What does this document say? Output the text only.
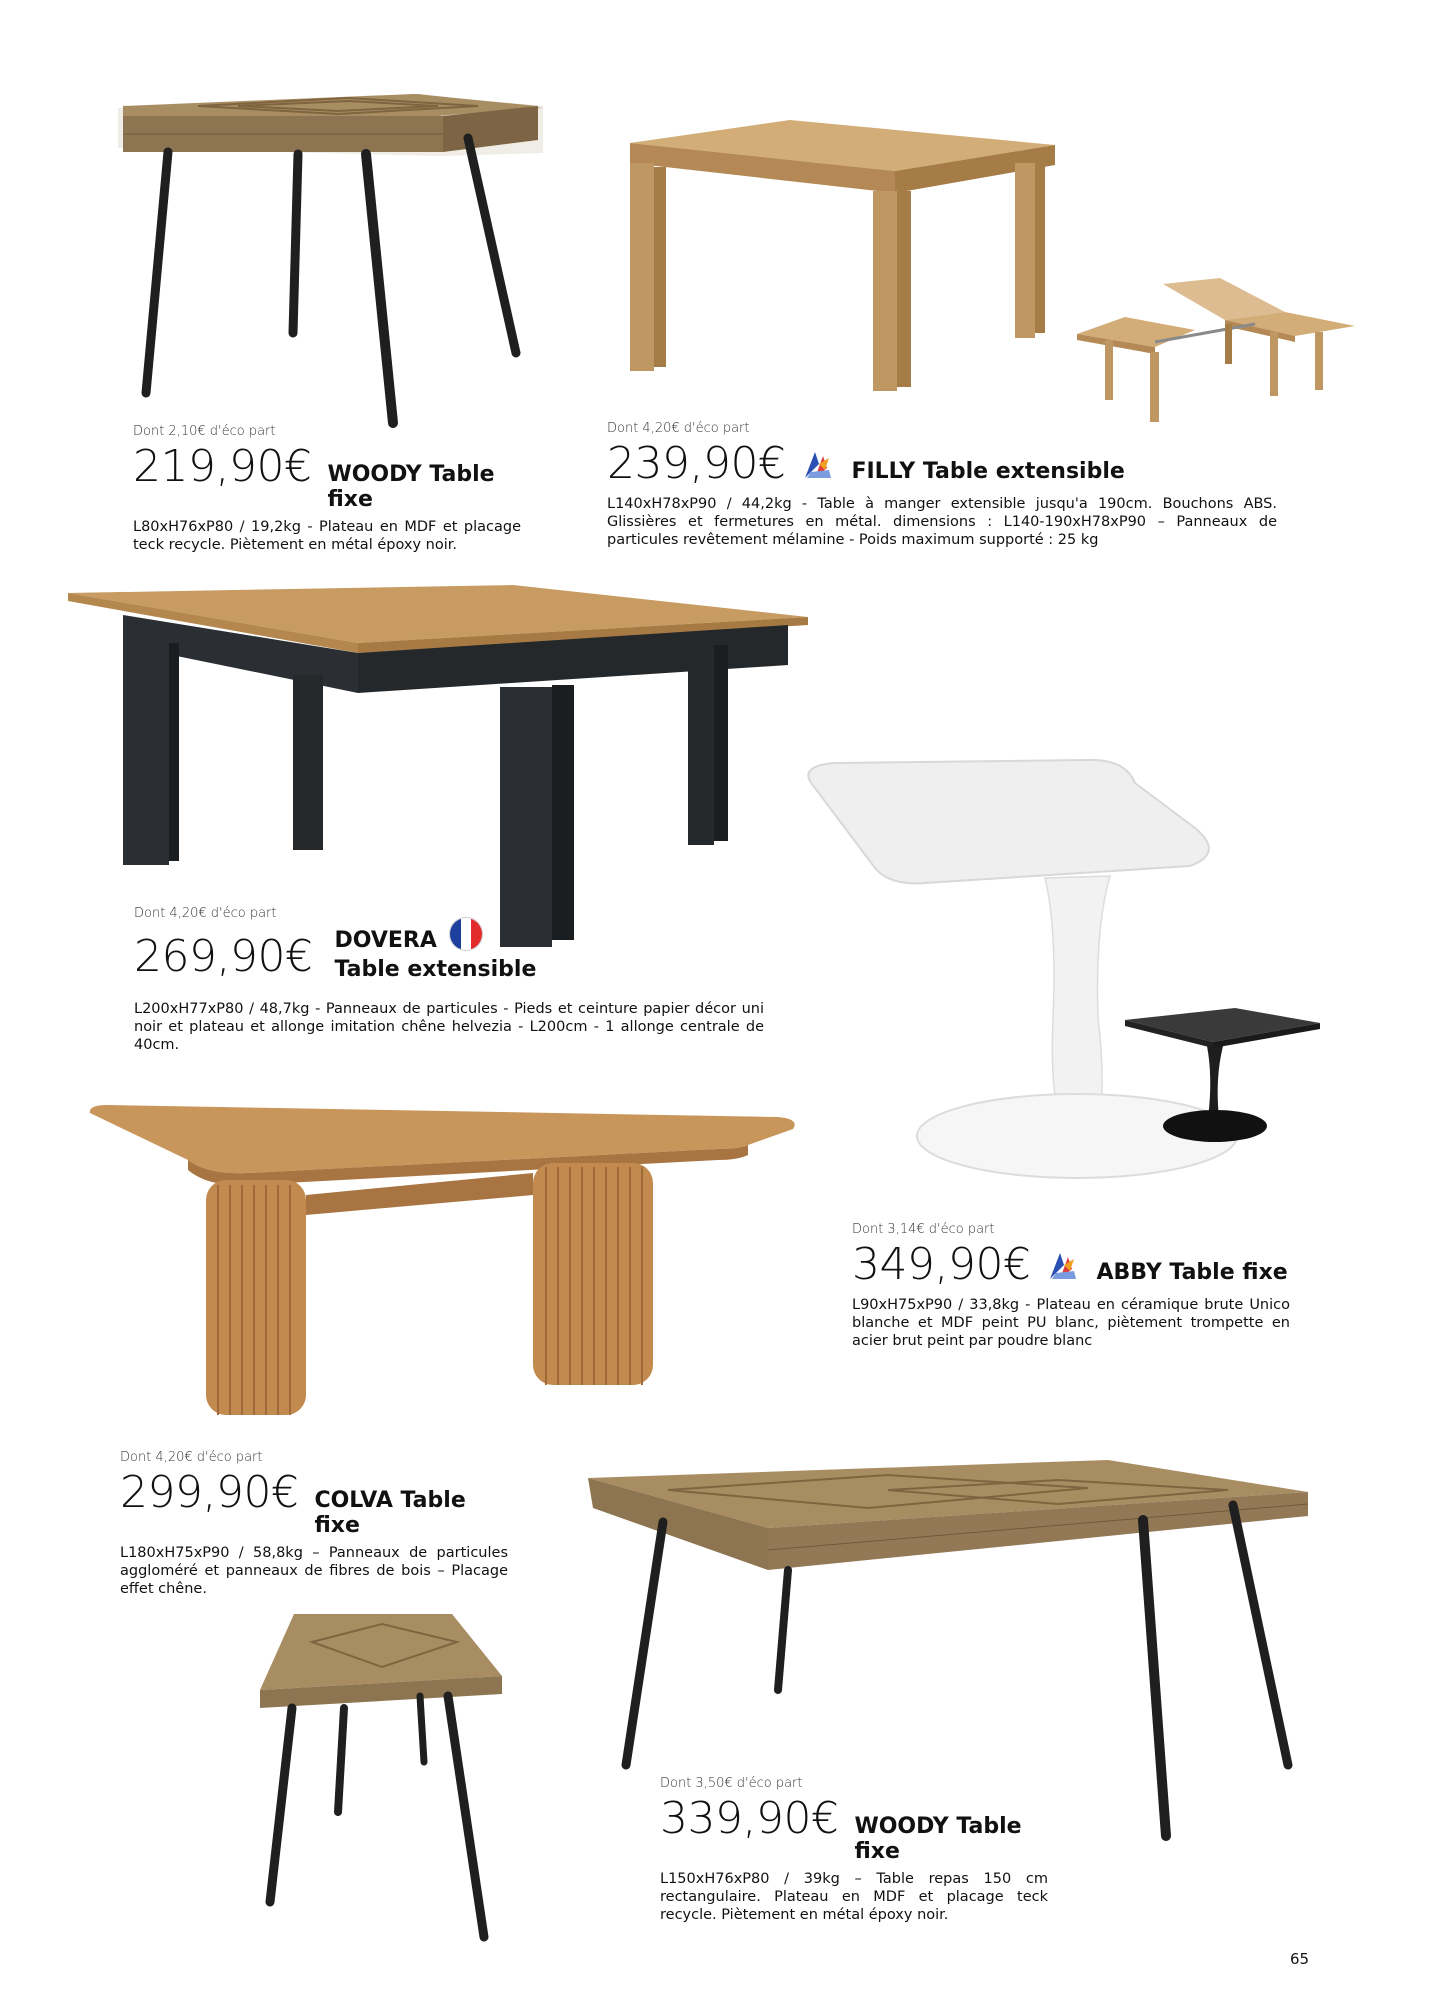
Dont 2,10€ d'éco part
219,90€ WOODY Table fixe
L80xH76xP80 / 19,2kg - Plateau en MDF et placage teck recycle. Piètement en métal époxy noir.
Dont 4,20€ d'éco part
239,90€	FILLY Table extensible
L140xH78xP90 / 44,2kg - Table à manger extensible jusqu'a 190cm. Bouchons ABS. Glissières et fermetures en métal. dimensions : L140-190xH78xP90 – Panneaux de particules revêtement mélamine - Poids maximum supporté : 25 kg
Dont 4,20€ d'éco part
269,90€ DOVERA
Table extensible
L200xH77xP80 / 48,7kg - Panneaux de particules - Pieds et ceinture papier décor uni noir et plateau et allonge imitation chêne helvezia - L200cm - 1 allonge centrale de 40cm.
Dont 3,14€ d'éco part
349,90€	ABBY Table fixe
L90xH75xP90 / 33,8kg - Plateau en céramique brute Unico blanche et MDF peint PU blanc, piètement trompette en acier brut peint par poudre blanc
Dont 4,20€ d'éco part
299,90€ COLVA Table fixe
L180xH75xP90 / 58,8kg – Panneaux de particules aggloméré et panneaux de fibres de bois – Placage effet chêne.
Dont 3,50€ d'éco part
339,90€ WOODY Table fixe
L150xH76xP80 / 39kg – Table repas 150 cm rectangulaire. Plateau en MDF et placage teck recycle. Piètement en métal époxy noir.
65
